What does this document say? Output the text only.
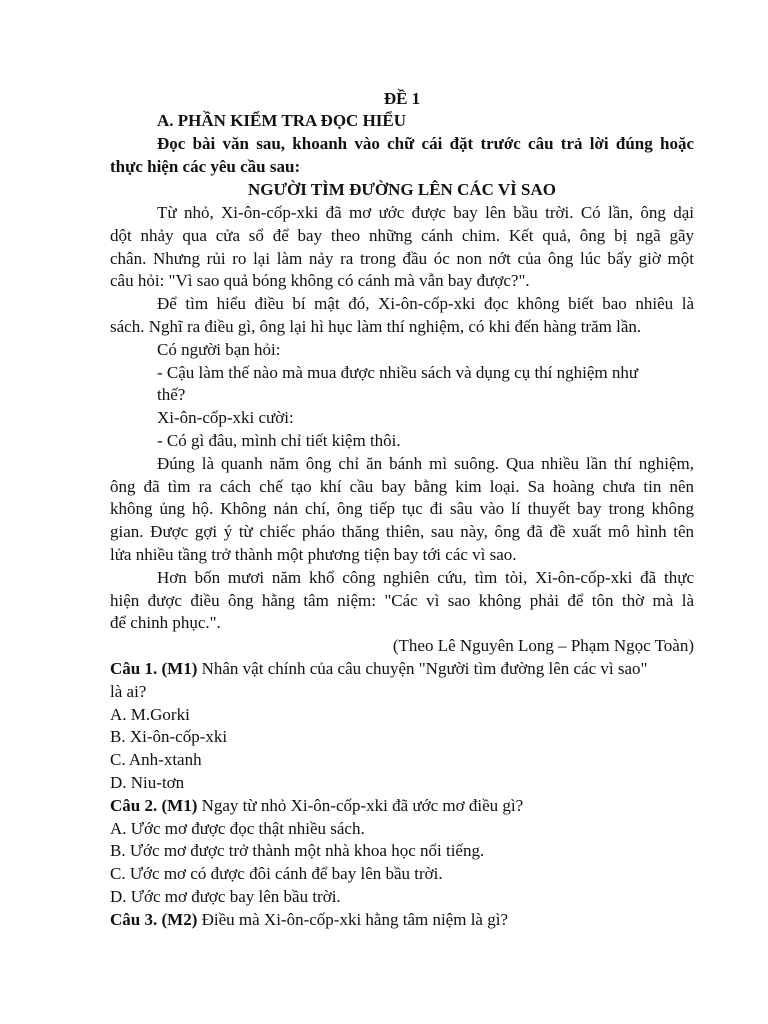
ĐỀ 1
A. PHẦN KIỂM TRA ĐỌC HIỂU
Đọc bài văn sau, khoanh vào chữ cái đặt trước câu trả lời đúng hoặc
thực hiện các yêu cầu sau:
NGƯỜI TÌM ĐƯỜNG LÊN CÁC VÌ SAO
Từ nhỏ, Xi-ôn-cốp-xki đã mơ ước được bay lên bầu trời. Có lần, ông dại
dột nhảy qua cửa sổ để bay theo những cánh chim. Kết quả, ông bị ngã gãy
chân. Nhưng rủi ro lại làm nảy ra trong đầu óc non nớt của ông lúc bấy giờ một
câu hỏi: "Vì sao quả bóng không có cánh mà vẫn bay được?".
Để tìm hiểu điều bí mật đó, Xi-ôn-cốp-xki đọc không biết bao nhiêu là
sách. Nghĩ ra điều gì, ông lại hì hục làm thí nghiệm, có khi đến hàng trăm lần.
Có người bạn hỏi:
- Cậu làm thế nào mà mua được nhiều sách và dụng cụ thí nghiệm như
thế?
Xi-ôn-cốp-xki cười:
- Có gì đâu, mình chỉ tiết kiệm thôi.
Đúng là quanh năm ông chỉ ăn bánh mì suông. Qua nhiều lần thí nghiệm,
ông đã tìm ra cách chế tạo khí cầu bay bằng kim loại. Sa hoàng chưa tin nên
không ủng hộ. Không nản chí, ông tiếp tục đi sâu vào lí thuyết bay trong không
gian. Được gợi ý từ chiếc pháo thăng thiên, sau này, ông đã đề xuất mô hình tên
lửa nhiều tầng trở thành một phương tiện bay tới các vì sao.
Hơn bốn mươi năm khổ công nghiên cứu, tìm tòi, Xi-ôn-cốp-xki đã thực
hiện được điều ông hằng tâm niệm: "Các vì sao không phải để tôn thờ mà là
để chinh phục.".
(Theo Lê Nguyên Long – Phạm Ngọc Toàn)
Câu 1. (M1) Nhân vật chính của câu chuyện "Người tìm đường lên các vì sao"
là ai?
A. M.Gorki
B. Xi-ôn-cốp-xki
C. Anh-xtanh
D. Niu-tơn
Câu 2. (M1) Ngay từ nhỏ Xi-ôn-cốp-xki đã ước mơ điều gì?
A. Ước mơ được đọc thật nhiều sách.
B. Ước mơ được trở thành một nhà khoa học nổi tiếng.
C. Ước mơ có được đôi cánh để bay lên bầu trời.
D. Ước mơ được bay lên bầu trời.
Câu 3. (M2) Điều mà Xi-ôn-cốp-xki hằng tâm niệm là gì?
